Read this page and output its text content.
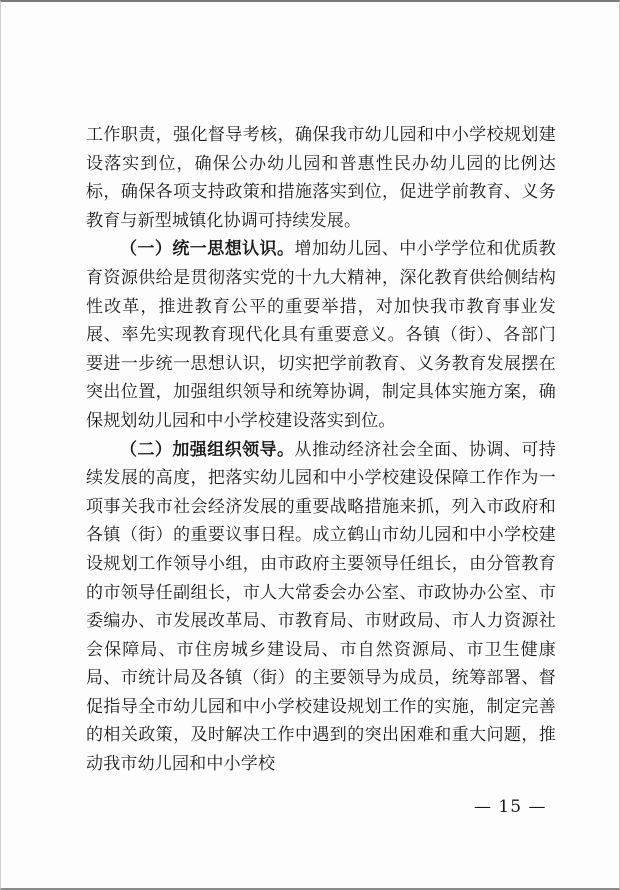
工作职责，强化督导考核，确保我市幼儿园和中小学校规划建设落实到位，确保公办幼儿园和普惠性民办幼儿园的比例达标，确保各项支持政策和措施落实到位，促进学前教育、义务教育与新型城镇化协调可持续发展。

（一）统一思想认识。增加幼儿园、中小学学位和优质教育资源供给是贯彻落实党的十九大精神，深化教育供给侧结构性改革，推进教育公平的重要举措，对加快我市教育事业发展、率先实现教育现代化具有重要意义。各镇（街）、各部门要进一步统一思想认识，切实把学前教育、义务教育发展摆在突出位置，加强组织领导和统筹协调，制定具体实施方案，确保规划幼儿园和中小学校建设落实到位。

（二）加强组织领导。从推动经济社会全面、协调、可持续发展的高度，把落实幼儿园和中小学校建设保障工作作为一项事关我市社会经济发展的重要战略措施来抓，列入市政府和各镇（街）的重要议事日程。成立鹤山市幼儿园和中小学校建设规划工作领导小组，由市政府主要领导任组长，由分管教育的市领导任副组长，市人大常委会办公室、市政协办公室、市委编办、市发展改革局、市教育局、市财政局、市人力资源社会保障局、市住房城乡建设局、市自然资源局、市卫生健康局、市统计局及各镇（街）的主要领导为成员，统筹部署、督促指导全市幼儿园和中小学校建设规划工作的实施，制定完善的相关政策，及时解决工作中遇到的突出困难和重大问题，推动我市幼儿园和中小学校

— 15 —
